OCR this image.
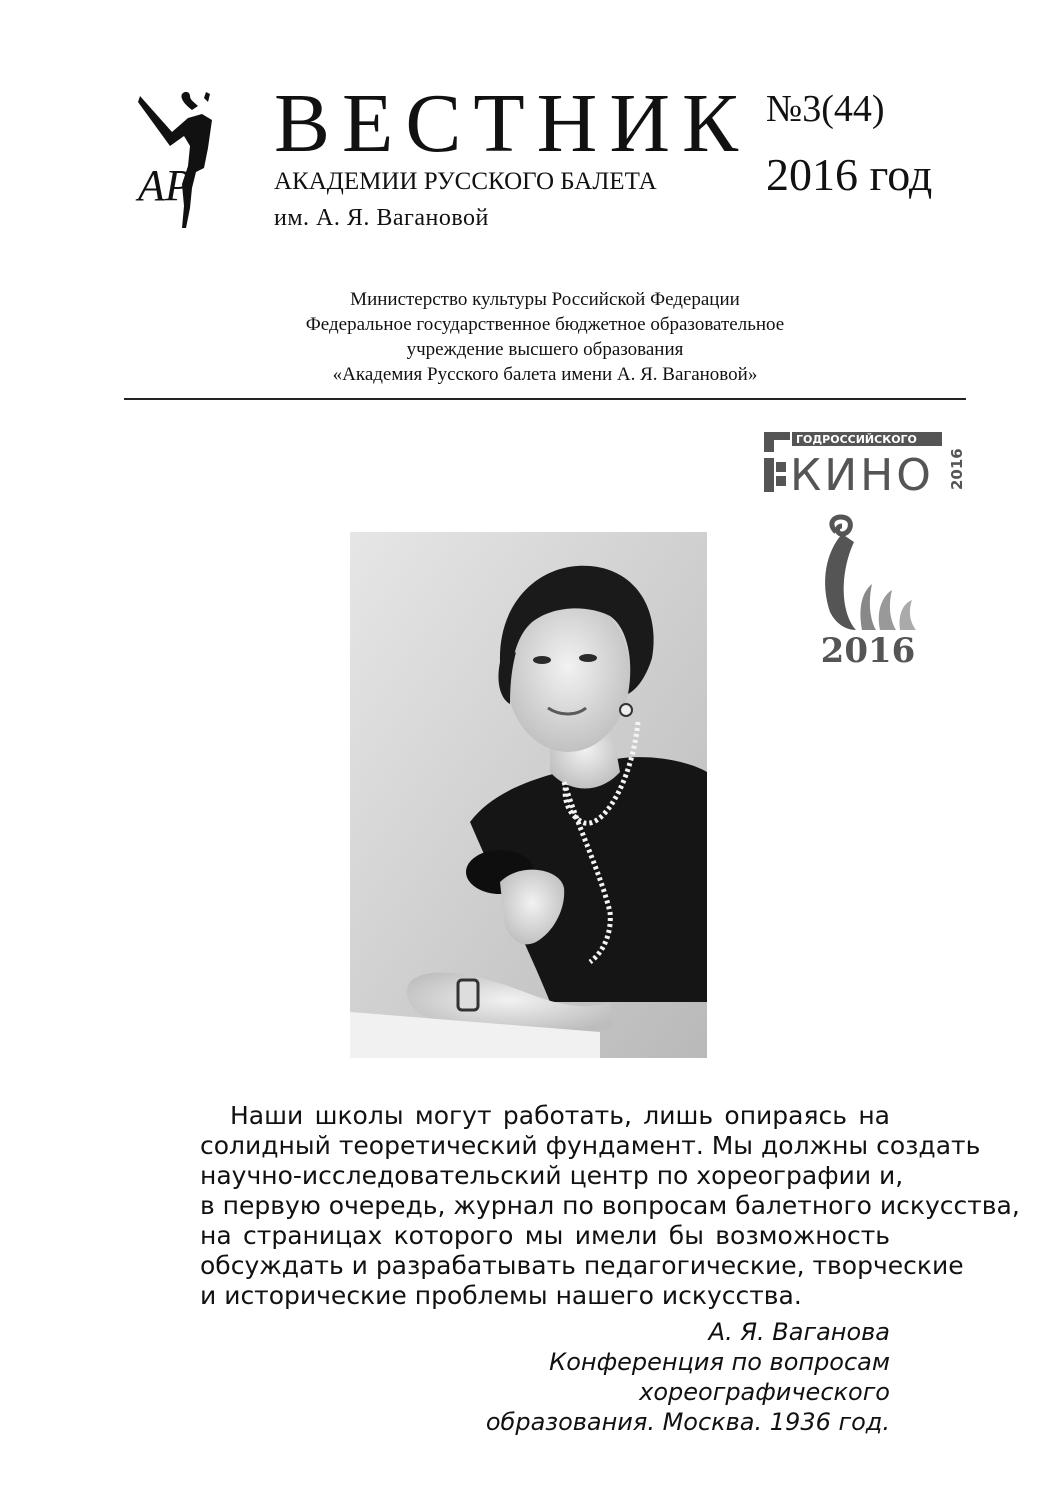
АР
ВЕСТНИК
АКАДЕМИИ РУССКОГО БАЛЕТА
им. А. Я. Вагановой
№3(44)
2016 год
Министерство культуры Российской Федерации
Федеральное государственное бюджетное образовательное
учреждение высшего образования
«Академия Русского балета имени А. Я. Вагановой»
ГОДРОССИЙСКОГО
КИНО 2016
2016
Наши школы могут работать, лишь опираясь на
солидный теоретический фундамент. Мы должны создать
научно-исследовательский центр по хореографии и,
в первую очередь, журнал по вопросам балетного искусства,
на страницах которого мы имели бы возможность
обсуждать и разрабатывать педагогические, творческие
и исторические проблемы нашего искусства.
А. Я. Ваганова
Конференция по вопросам хореографического
образования. Москва. 1936 год.
